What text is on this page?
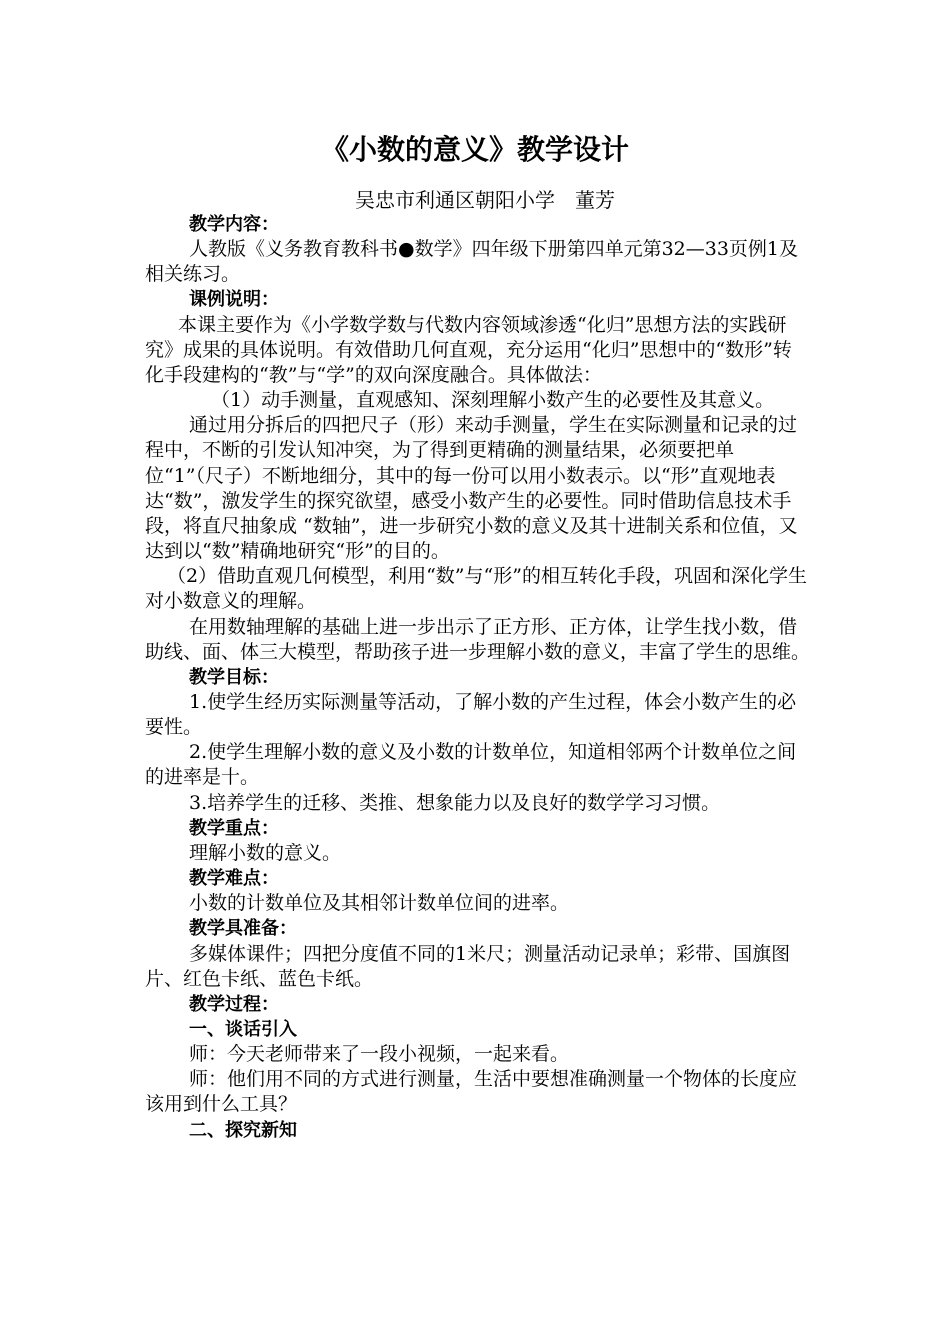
《小数的意义》教学设计
吴忠市利通区朝阳小学　董芳

教学内容：

人教版《义务教育教科书●数学》四年级下册第四单元第32—33页例1及相关练习。

课例说明：

本课主要作为《小学数学数与代数内容领域渗透“化归”思想方法的实践研究》成果的具体说明。有效借助几何直观，充分运用“化归”思想中的“数形”转化手段建构的“教”与“学”的双向深度融合。具体做法：

（1）动手测量，直观感知、深刻理解小数产生的必要性及其意义。

通过用分拆后的四把尺子（形）来动手测量，学生在实际测量和记录的过程中，不断的引发认知冲突，为了得到更精确的测量结果，必须要把单位“1”（尺子）不断地细分，其中的每一份可以用小数表示。以“形”直观地表达“数”，激发学生的探究欲望，感受小数产生的必要性。同时借助信息技术手段，将直尺抽象成 “数轴”，进一步研究小数的意义及其十进制关系和位值，又达到以“数”精确地研究“形”的目的。

（2）借助直观几何模型，利用“数”与“形”的相互转化手段，巩固和深化学生对小数意义的理解。

在用数轴理解的基础上进一步出示了正方形、正方体，让学生找小数，借助线、面、体三大模型，帮助孩子进一步理解小数的意义，丰富了学生的思维。

教学目标：

1.使学生经历实际测量等活动，了解小数的产生过程，体会小数产生的必要性。

2.使学生理解小数的意义及小数的计数单位，知道相邻两个计数单位之间的进率是十。

3.培养学生的迁移、类推、想象能力以及良好的数学学习习惯。

教学重点：

理解小数的意义。

教学难点：

小数的计数单位及其相邻计数单位间的进率。

教学具准备：

多媒体课件；四把分度值不同的1米尺；测量活动记录单；彩带、国旗图片、红色卡纸、蓝色卡纸。

教学过程：

一、谈话引入

师：今天老师带来了一段小视频，一起来看。

师：他们用不同的方式进行测量，生活中要想准确测量一个物体的长度应该用到什么工具？

二、探究新知
